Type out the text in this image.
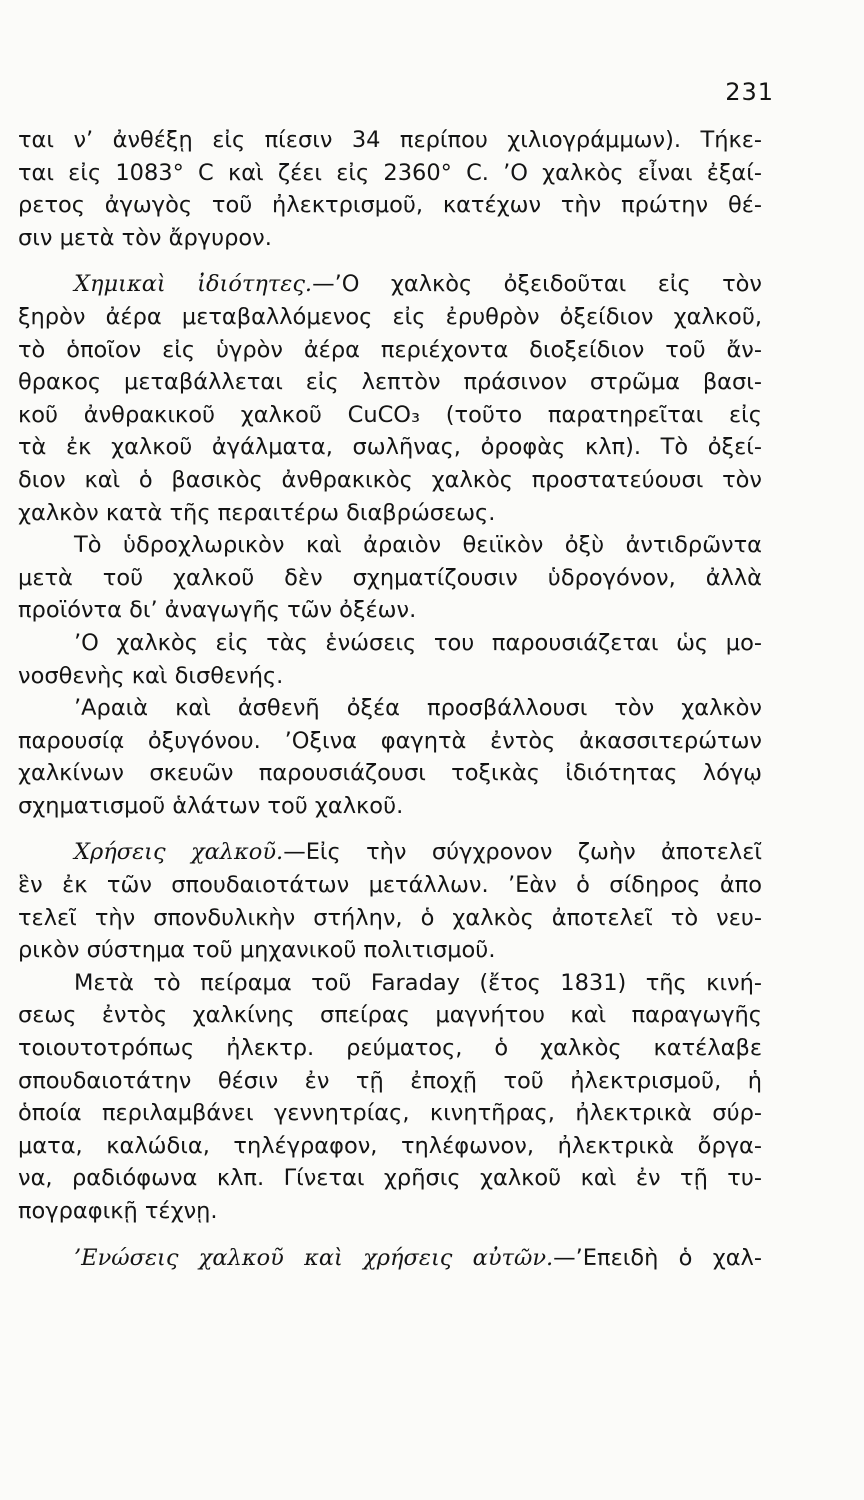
231
ται ν’ ἀνθέξῃ εἰς πίεσιν 34 περίπου χιλιογράμμων). Τήκε-
ται εἰς 1083° C καὶ ζέει εἰς 2360° C. ’Ο χαλκὸς εἶναι ἐξαί-
ρετος ἀγωγὸς τοῦ ἠλεκτρισμοῦ, κατέχων τὴν πρώτην θέ-
σιν μετὰ τὸν ἄργυρον.
Χημικαὶ ἰδιότητες.—’Ο χαλκὸς ὀξειδοῦται εἰς τὸν
ξηρὸν ἀέρα μεταβαλλόμενος εἰς ἐρυθρὸν ὀξείδιον χαλκοῦ,
τὸ ὁποῖον εἰς ὑγρὸν ἀέρα περιέχοντα διοξείδιον τοῦ ἄν-
θρακος μεταβάλλεται εἰς λεπτὸν πράσινον στρῶμα βασι-
κοῦ ἀνθρακικοῦ χαλκοῦ CuCO₃ (τοῦτο παρατηρεῖται εἰς
τὰ ἐκ χαλκοῦ ἀγάλματα, σωλῆνας, ὀροφὰς κλπ). Τὸ ὀξεί-
διον καὶ ὁ βασικὸς ἀνθρακικὸς χαλκὸς προστατεύουσι τὸν
χαλκὸν κατὰ τῆς περαιτέρω διαβρώσεως.
Τὸ ὑδροχλωρικὸν καὶ ἀραιὸν θειϊκὸν ὀξὺ ἀντιδρῶντα
μετὰ τοῦ χαλκοῦ δὲν σχηματίζουσιν ὑδρογόνον, ἀλλὰ
προϊόντα δι’ ἀναγωγῆς τῶν ὀξέων.
’Ο χαλκὸς εἰς τὰς ἑνώσεις του παρουσιάζεται ὡς μο-
νοσθενὴς καὶ δισθενής.
’Αραιὰ καὶ ἀσθενῆ ὀξέα προσβάλλουσι τὸν χαλκὸν
παρουσίᾳ ὀξυγόνου. ’Οξινα φαγητὰ ἐντὸς ἀκασσιτερώτων
χαλκίνων σκευῶν παρουσιάζουσι τοξικὰς ἰδιότητας λόγῳ
σχηματισμοῦ ἁλάτων τοῦ χαλκοῦ.
Χρήσεις χαλκοῦ.—Εἰς τὴν σύγχρονον ζωὴν ἀποτελεῖ
ἓν ἐκ τῶν σπουδαιοτάτων μετάλλων. ’Εὰν ὁ σίδηρος ἀπο
τελεῖ τὴν σπονδυλικὴν στήλην, ὁ χαλκὸς ἀποτελεῖ τὸ νευ-
ρικὸν σύστημα τοῦ μηχανικοῦ πολιτισμοῦ.
Μετὰ τὸ πείραμα τοῦ Faraday (ἔτος 1831) τῆς κινή-
σεως ἐντὸς χαλκίνης σπείρας μαγνήτου καὶ παραγωγῆς
τοιουτοτρόπως ἠλεκτρ. ρεύματος, ὁ χαλκὸς κατέλαβε
σπουδαιοτάτην θέσιν ἐν τῇ ἐποχῇ τοῦ ἠλεκτρισμοῦ, ἡ
ὁποία περιλαμβάνει γεννητρίας, κινητῆρας, ἠλεκτρικὰ σύρ-
ματα, καλώδια, τηλέγραφον, τηλέφωνον, ἠλεκτρικὰ ὄργα-
να, ραδιόφωνα κλπ. Γίνεται χρῆσις χαλκοῦ καὶ ἐν τῇ τυ-
πογραφικῇ τέχνῃ.
’Ενώσεις χαλκοῦ καὶ χρήσεις αὐτῶν.—’Επειδὴ ὁ χαλ-
